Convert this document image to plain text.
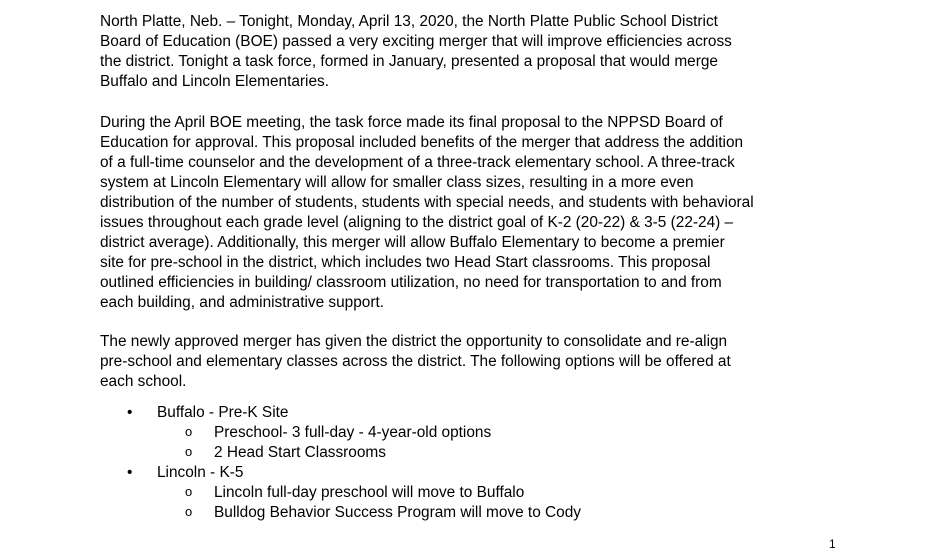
North Platte, Neb. – Tonight, Monday, April 13, 2020, the North Platte Public School District
Board of Education (BOE) passed a very exciting merger that will improve efficiencies across
the district. Tonight a task force, formed in January, presented a proposal that would merge
Buffalo and Lincoln Elementaries.

During the April BOE meeting, the task force made its final proposal to the NPPSD Board of
Education for approval. This proposal included benefits of the merger that address the addition
of a full-time counselor and the development of a three-track elementary school. A three-track
system at Lincoln Elementary will allow for smaller class sizes, resulting in a more even
distribution of the number of students, students with special needs, and students with behavioral
issues throughout each grade level (aligning to the district goal of K-2 (20-22) & 3-5 (22-24) –
district average). Additionally, this merger will allow Buffalo Elementary to become a premier
site for pre-school in the district, which includes two Head Start classrooms. This proposal
outlined efficiencies in building/ classroom utilization, no need for transportation to and from
each building, and administrative support.

The newly approved merger has given the district the opportunity to consolidate and re-align
pre-school and elementary classes across the district. The following options will be offered at
each school.

• Buffalo - Pre-K Site
o Preschool- 3 full-day - 4-year-old options
o 2 Head Start Classrooms
• Lincoln - K-5
o Lincoln full-day preschool will move to Buffalo
o Bulldog Behavior Success Program will move to Cody
1
